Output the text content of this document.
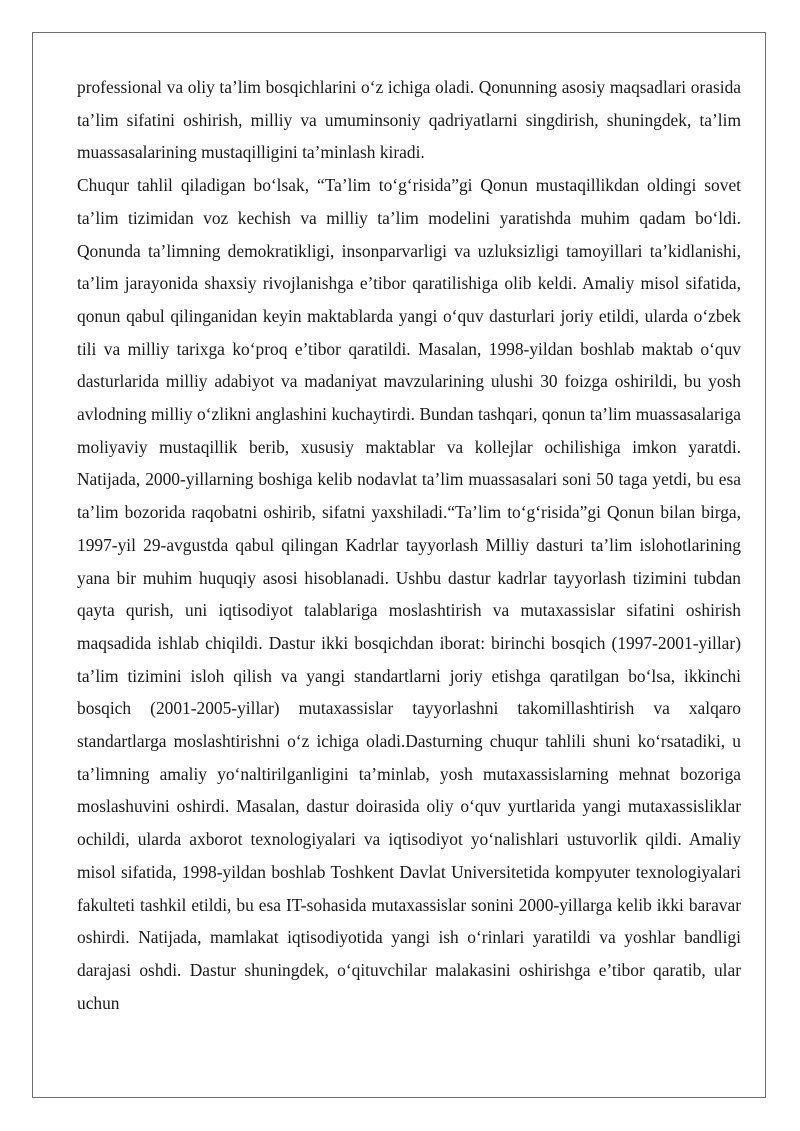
professional va oliy ta’lim bosqichlarini o‘z ichiga oladi. Qonunning asosiy maqsadlari orasida ta’lim sifatini oshirish, milliy va umuminsoniy qadriyatlarni singdirish, shuningdek, ta’lim muassasalarining mustaqilligini ta’minlash kiradi.

Chuqur tahlil qiladigan bo‘lsak, “Ta’lim to‘g‘risida”gi Qonun mustaqillikdan oldingi sovet ta’lim tizimidan voz kechish va milliy ta’lim modelini yaratishda muhim qadam bo‘ldi. Qonunda ta’limning demokratikligi, insonparvarligi va uzluksizligi tamoyillari ta’kidlanishi, ta’lim jarayonida shaxsiy rivojlanishga e’tibor qaratilishiga olib keldi. Amaliy misol sifatida, qonun qabul qilinganidan keyin maktablarda yangi o‘quv dasturlari joriy etildi, ularda o‘zbek tili va milliy tarixga ko‘proq e’tibor qaratildi. Masalan, 1998-yildan boshlab maktab o‘quv dasturlarida milliy adabiyot va madaniyat mavzularining ulushi 30 foizga oshirildi, bu yosh avlodning milliy o‘zlikni anglashini kuchaytirdi. Bundan tashqari, qonun ta’lim muassasalariga moliyaviy mustaqillik berib, xususiy maktablar va kollejlar ochilishiga imkon yaratdi. Natijada, 2000-yillarning boshiga kelib nodavlat ta’lim muassasalari soni 50 taga yetdi, bu esa ta’lim bozorida raqobatni oshirib, sifatni yaxshiladi.“Ta’lim to‘g‘risida”gi Qonun bilan birga, 1997-yil 29-avgustda qabul qilingan Kadrlar tayyorlash Milliy dasturi ta’lim islohotlarining yana bir muhim huquqiy asosi hisoblanadi. Ushbu dastur kadrlar tayyorlash tizimini tubdan qayta qurish, uni iqtisodiyot talablariga moslashtirish va mutaxassislar sifatini oshirish maqsadida ishlab chiqildi. Dastur ikki bosqichdan iborat: birinchi bosqich (1997-2001-yillar) ta’lim tizimini isloh qilish va yangi standartlarni joriy etishga qaratilgan bo‘lsa, ikkinchi bosqich (2001-2005-yillar) mutaxassislar tayyorlashni takomillashtirish va xalqaro standartlarga moslashtirishni o‘z ichiga oladi.Dasturning chuqur tahlili shuni ko‘rsatadiki, u ta’limning amaliy yo‘naltirilganligini ta’minlab, yosh mutaxassislarning mehnat bozoriga moslashuvini oshirdi. Masalan, dastur doirasida oliy o‘quv yurtlarida yangi mutaxassisliklar ochildi, ularda axborot texnologiyalari va iqtisodiyot yo‘nalishlari ustuvorlik qildi. Amaliy misol sifatida, 1998-yildan boshlab Toshkent Davlat Universitetida kompyuter texnologiyalari fakulteti tashkil etildi, bu esa IT-sohasida mutaxassislar sonini 2000-yillarga kelib ikki baravar oshirdi. Natijada, mamlakat iqtisodiyotida yangi ish o‘rinlari yaratildi va yoshlar bandligi darajasi oshdi. Dastur shuningdek, o‘qituvchilar malakasini oshirishga e’tibor qaratib, ular uchun
